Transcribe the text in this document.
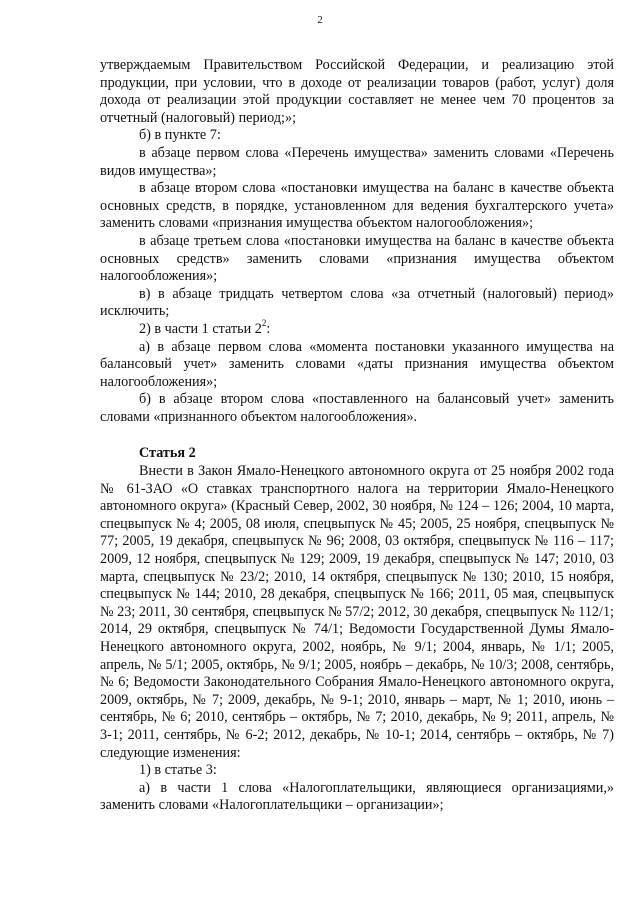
2

утверждаемым Правительством Российской Федерации, и реализацию этой продукции, при условии, что в доходе от реализации товаров (работ, услуг) доля дохода от реализации этой продукции составляет не менее чем 70 процентов за отчетный (налоговый) период;»;

б) в пункте 7:

в абзаце первом слова «Перечень имущества» заменить словами «Перечень видов имущества»;

в абзаце втором слова «постановки имущества на баланс в качестве объекта основных средств, в порядке, установленном для ведения бухгалтерского учета» заменить словами «признания имущества объектом налогообложения»;

в абзаце третьем слова «постановки имущества на баланс в качестве объекта основных средств» заменить словами «признания имущества объектом налогообложения»;

в) в абзаце тридцать четвертом слова «за отчетный (налоговый) период» исключить;

2) в части 1 статьи $2^2$:

а) в абзаце первом слова «момента постановки указанного имущества на балансовый учет» заменить словами «даты признания имущества объектом налогообложения»;

б) в абзаце втором слова «поставленного на балансовый учет» заменить словами «признанного объектом налогообложения».

Статья 2

Внести в Закон Ямало-Ненецкого автономного округа от 25 ноября 2002 года № 61-ЗАО «О ставках транспортного налога на территории Ямало-Ненецкого автономного округа» (Красный Север, 2002, 30 ноября, № 124 – 126; 2004, 10 марта, спецвыпуск № 4; 2005, 08 июля, спецвыпуск № 45; 2005, 25 ноября, спецвыпуск № 77; 2005, 19 декабря, спецвыпуск № 96; 2008, 03 октября, спецвыпуск № 116 – 117; 2009, 12 ноября, спецвыпуск № 129; 2009, 19 декабря, спецвыпуск № 147; 2010, 03 марта, спецвыпуск № 23/2; 2010, 14 октября, спецвыпуск № 130; 2010, 15 ноября, спецвыпуск № 144; 2010, 28 декабря, спецвыпуск № 166; 2011, 05 мая, спецвыпуск № 23; 2011, 30 сентября, спецвыпуск № 57/2; 2012, 30 декабря, спецвыпуск № 112/1; 2014, 29 октября, спецвыпуск № 74/1; Ведомости Государственной Думы Ямало-Ненецкого автономного округа, 2002, ноябрь, № 9/1; 2004, январь, № 1/1; 2005, апрель, № 5/1; 2005, октябрь, № 9/1; 2005, ноябрь – декабрь, № 10/3; 2008, сентябрь, № 6; Ведомости Законодательного Собрания Ямало-Ненецкого автономного округа, 2009, октябрь, № 7; 2009, декабрь, № 9-1; 2010, январь – март, № 1; 2010, июнь – сентябрь, № 6; 2010, сентябрь – октябрь, № 7; 2010, декабрь, № 9; 2011, апрель, № 3-1; 2011, сентябрь, № 6-2; 2012, декабрь, № 10-1; 2014, сентябрь – октябрь, № 7) следующие изменения:

1) в статье 3:

а) в части 1 слова «Налогоплательщики, являющиеся организациями,» заменить словами «Налогоплательщики – организации»;
